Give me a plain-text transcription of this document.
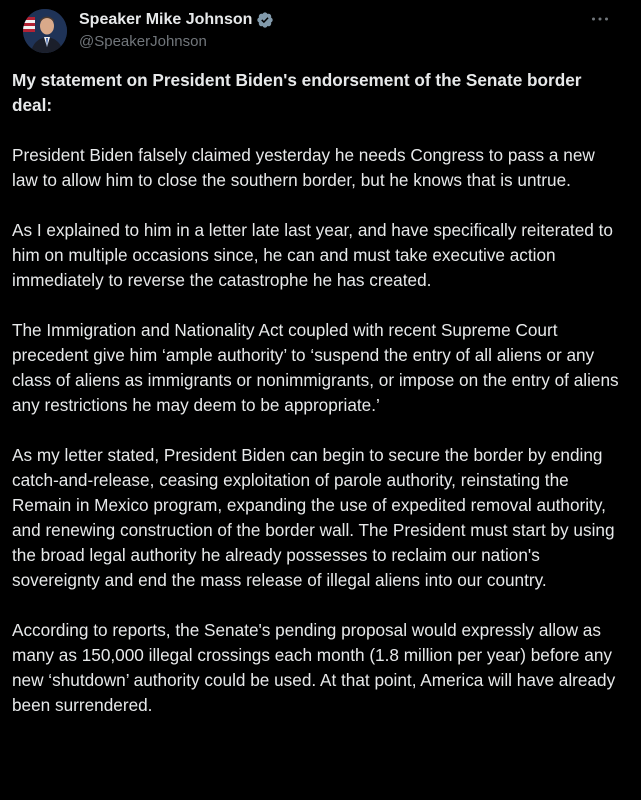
Speaker Mike Johnson
@SpeakerJohnson

My statement on President Biden's endorsement of the Senate border deal:

President Biden falsely claimed yesterday he needs Congress to pass a new law to allow him to close the southern border, but he knows that is untrue.

As I explained to him in a letter late last year, and have specifically reiterated to him on multiple occasions since, he can and must take executive action immediately to reverse the catastrophe he has created.

The Immigration and Nationality Act coupled with recent Supreme Court precedent give him ‘ample authority’ to ‘suspend the entry of all aliens or any class of aliens as immigrants or nonimmigrants, or impose on the entry of aliens any restrictions he may deem to be appropriate.’

As my letter stated, President Biden can begin to secure the border by ending catch-and-release, ceasing exploitation of parole authority, reinstating the Remain in Mexico program, expanding the use of expedited removal authority, and renewing construction of the border wall. The President must start by using the broad legal authority he already possesses to reclaim our nation's sovereignty and end the mass release of illegal aliens into our country.

According to reports, the Senate's pending proposal would expressly allow as many as 150,000 illegal crossings each month (1.8 million per year) before any new ‘shutdown’ authority could be used. At that point, America will have already been surrendered.
